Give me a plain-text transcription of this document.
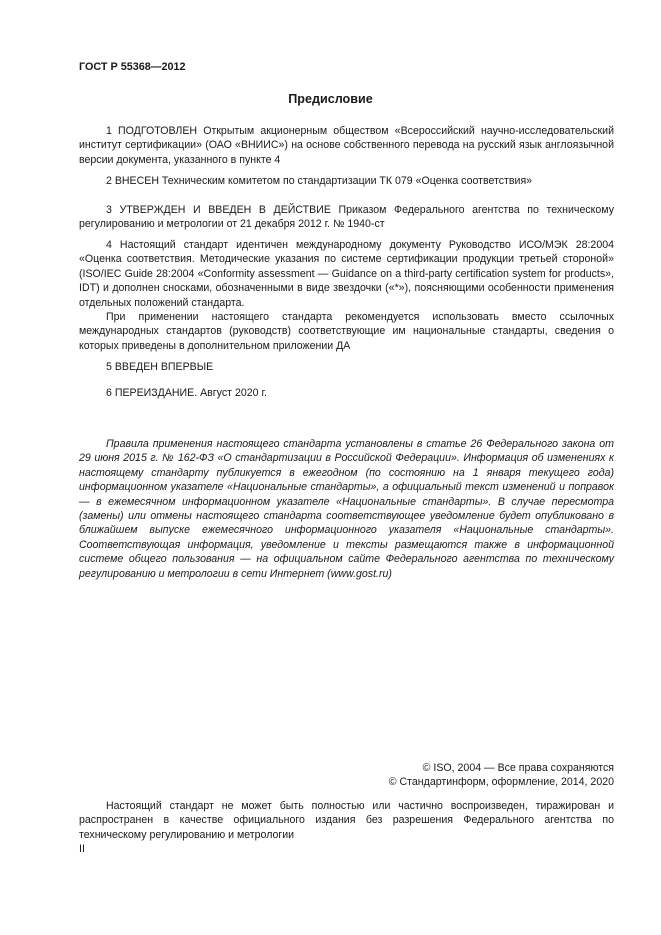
ГОСТ Р 55368—2012
Предисловие

1 ПОДГОТОВЛЕН Открытым акционерным обществом «Всероссийский научно-исследовательский институт сертификации» (ОАО «ВНИИС») на основе собственного перевода на русский язык англоязычной версии документа, указанного в пункте 4

2 ВНЕСЕН Техническим комитетом по стандартизации ТК 079 «Оценка соответствия»

3 УТВЕРЖДЕН И ВВЕДЕН В ДЕЙСТВИЕ Приказом Федерального агентства по техническому регулированию и метрологии от 21 декабря 2012 г. № 1940-ст

4 Настоящий стандарт идентичен международному документу Руководство ИСО/МЭК 28:2004 «Оценка соответствия. Методические указания по системе сертификации продукции третьей стороной» (ISO/IEC Guide 28:2004 «Conformity assessment — Guidance on a third-party certification system for products», IDT) и дополнен сносками, обозначенными в виде звездочки («*»), поясняющими особенности применения отдельных положений стандарта.

При применении настоящего стандарта рекомендуется использовать вместо ссылочных международных стандартов (руководств) соответствующие им национальные стандарты, сведения о которых приведены в дополнительном приложении ДА

5 ВВЕДЕН ВПЕРВЫЕ

6 ПЕРЕИЗДАНИЕ. Август 2020 г.

Правила применения настоящего стандарта установлены в статье 26 Федерального закона от 29 июня 2015 г. № 162-ФЗ «О стандартизации в Российской Федерации». Информация об изменениях к настоящему стандарту публикуется в ежегодном (по состоянию на 1 января текущего года) информационном указателе «Национальные стандарты», а официальный текст изменений и поправок — в ежемесячном информационном указателе «Национальные стандарты». В случае пересмотра (замены) или отмены настоящего стандарта соответствующее уведомление будет опубликовано в ближайшем выпуске ежемесячного информационного указателя «Национальные стандарты». Соответствующая информация, уведомление и тексты размещаются также в информационной системе общего пользования — на официальном сайте Федерального агентства по техническому регулированию и метрологии в сети Интернет (www.gost.ru)

© ISO, 2004 — Все права сохраняются
© Стандартинформ, оформление, 2014, 2020

Настоящий стандарт не может быть полностью или частично воспроизведен, тиражирован и распространен в качестве официального издания без разрешения Федерального агентства по техническому регулированию и метрологии

II
